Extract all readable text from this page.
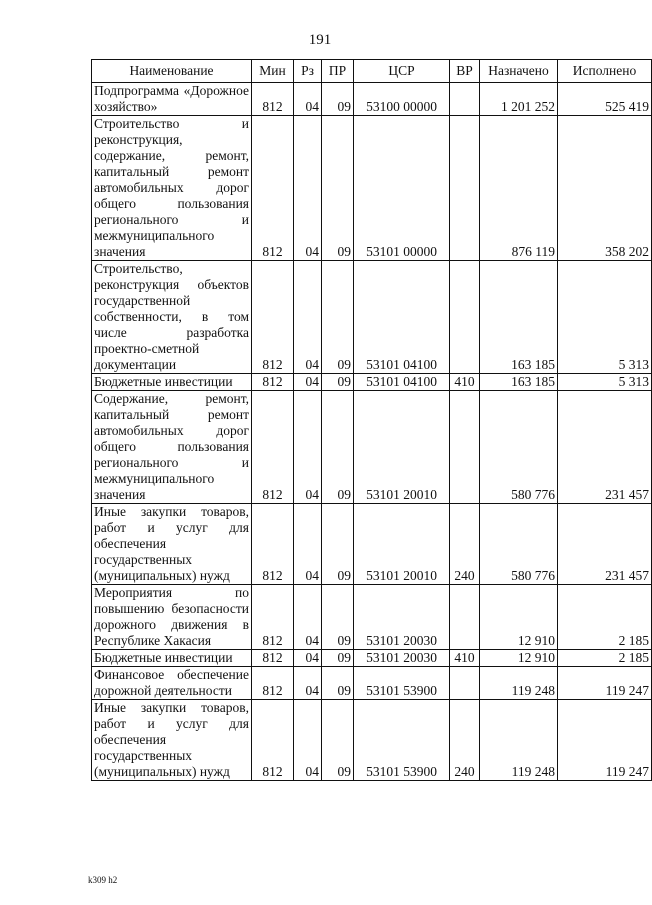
191
Наименование	Мин	Рз	ПР	ЦСР	ВР	Назначено	Исполнено
Подпрограмма «Дорожное хозяйство»	812	04	09	53100 00000		1 201 252	525 419
Строительство и реконструкция, содержание, ремонт, капитальный ремонт автомобильных дорог общего пользования регионального и межмуниципального значения	812	04	09	53101 00000		876 119	358 202
Строительство, реконструкция объектов государственной собственности, в том числе разработка проектно-сметной документации	812	04	09	53101 04100		163 185	5 313
Бюджетные инвестиции	812	04	09	53101 04100	410	163 185	5 313
Содержание, ремонт, капитальный ремонт автомобильных дорог общего пользования регионального и межмуниципального значения	812	04	09	53101 20010		580 776	231 457
Иные закупки товаров, работ и услуг для обеспечения государственных (муниципальных) нужд	812	04	09	53101 20010	240	580 776	231 457
Мероприятия по повышению безопасности дорожного движения в Республике Хакасия	812	04	09	53101 20030		12 910	2 185
Бюджетные инвестиции	812	04	09	53101 20030	410	12 910	2 185
Финансовое обеспечение дорожной деятельности	812	04	09	53101 53900		119 248	119 247
Иные закупки товаров, работ и услуг для обеспечения государственных (муниципальных) нужд	812	04	09	53101 53900	240	119 248	119 247
k309 h2
